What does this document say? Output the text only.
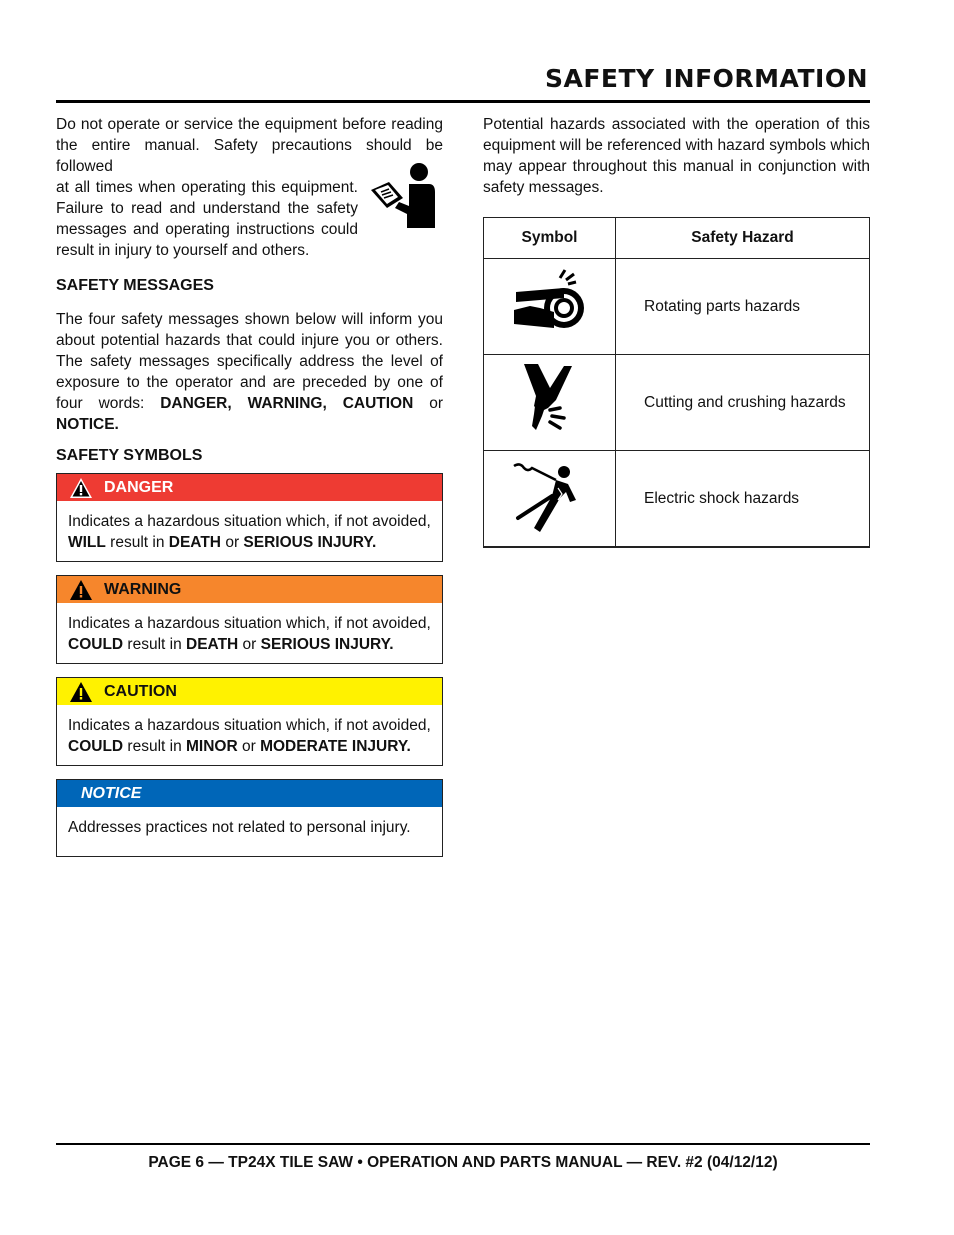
SAFETY INFORMATION

Do not operate or service the equipment before reading the entire manual. Safety precautions should be followed

at all times when operating this equipment. Failure to read and understand the safety messages and operating instructions could result in injury to yourself and others.

SAFETY MESSAGES

The four safety messages shown below will inform you about potential hazards that could injure you or others. The safety messages specifically address the level of exposure to the operator and are preceded by one of four words: DANGER, WARNING, CAUTION or NOTICE.

SAFETY SYMBOLS
DANGER
Indicates a hazardous situation which, if not avoided, WILL result in DEATH or SERIOUS INJURY.
WARNING
Indicates a hazardous situation which, if not avoided, COULD result in DEATH or SERIOUS INJURY.
CAUTION
Indicates a hazardous situation which, if not avoided, COULD result in MINOR or MODERATE INJURY.
NOTICE
Addresses practices not related to personal injury.

Potential hazards associated with the operation of this equipment will be referenced with hazard symbols which may appear throughout this manual in conjunction with safety messages.

Symbol	Safety Hazard
	Rotating parts hazards
	Cutting and crushing hazards
	Electric shock hazards
PAGE 6 — TP24X TILE SAW • OPERATION AND PARTS MANUAL — REV. #2 (04/12/12)
